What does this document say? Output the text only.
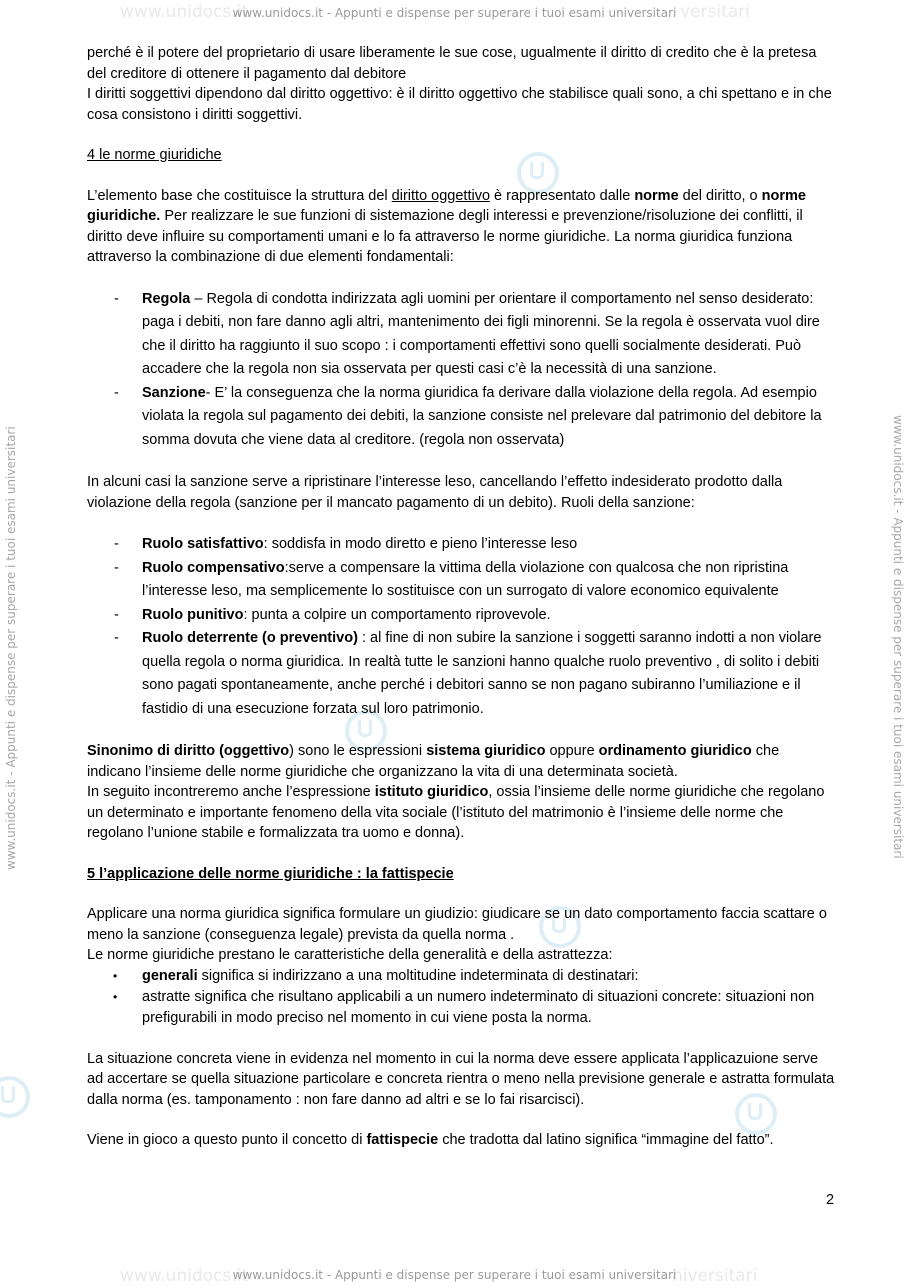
www.unidocs.it	versitari
www.unidocs.it - Appunti e dispense per superare i tuoi esami universitari
www.unidocs.it - Appunti e dispense per superare i tuoi esami universitari	www.unidocs.it - Appunti e dispense per superare i tuoi esami universitari
www.unidocs.it	niversitari
www.unidocs.it - Appunti e dispense per superare i tuoi esami universitari

perché è il potere del proprietario di usare liberamente le sue cose, ugualmente il diritto di credito che è la pretesa del creditore di ottenere il pagamento dal debitore

I diritti soggettivi dipendono dal diritto oggettivo: è il diritto oggettivo che stabilisce quali sono, a chi spettano e in che cosa consistono i diritti soggettivi.

4 le norme giuridiche

L’elemento base che costituisce la struttura del diritto oggettivo è rappresentato dalle norme del diritto, o norme giuridiche. Per realizzare le sue funzioni di sistemazione degli interessi e prevenzione/risoluzione dei conflitti, il diritto deve influire su comportamenti umani e lo fa attraverso le norme giuridiche. La norma giuridica funziona attraverso la combinazione di due elementi fondamentali:

- Regola – Regola di condotta indirizzata agli uomini per orientare il comportamento nel senso desiderato: paga i debiti, non fare danno agli altri, mantenimento dei figli minorenni. Se la regola è osservata vuol dire che il diritto ha raggiunto il suo scopo : i comportamenti effettivi sono quelli socialmente desiderati. Può accadere che la regola non sia osservata per questi casi c’è la necessità di una sanzione.
- Sanzione- E’ la conseguenza che la norma giuridica fa derivare dalla violazione della regola. Ad esempio violata la regola sul pagamento dei debiti, la sanzione consiste nel prelevare dal patrimonio del debitore la somma dovuta che viene data al creditore. (regola non osservata)

In alcuni casi la sanzione serve a ripristinare l’interesse leso, cancellando l’effetto indesiderato prodotto dalla violazione della regola (sanzione per il mancato pagamento di un debito). Ruoli della sanzione:

- Ruolo satisfattivo: soddisfa in modo diretto e pieno l’interesse leso
- Ruolo compensativo:serve a compensare la vittima della violazione con qualcosa che non ripristina l’interesse leso, ma semplicemente lo sostituisce con un surrogato di valore economico equivalente
- Ruolo punitivo: punta a colpire un comportamento riprovevole.
- Ruolo deterrente (o preventivo) : al fine di non subire la sanzione i soggetti saranno indotti a non violare quella regola o norma giuridica. In realtà tutte le sanzioni hanno qualche ruolo preventivo , di solito i debiti sono pagati spontaneamente, anche perché i debitori sanno se non pagano subiranno l’umiliazione e il fastidio di una esecuzione forzata sul loro patrimonio.

Sinonimo di diritto (oggettivo) sono le espressioni sistema giuridico oppure ordinamento giuridico che indicano l’insieme delle norme giuridiche che organizzano la vita di una determinata società.

In seguito incontreremo anche l’espressione istituto giuridico, ossia l’insieme delle norme giuridiche che regolano un determinato e importante fenomeno della vita sociale (l’istituto del matrimonio è l’insieme delle norme che regolano l’unione stabile e formalizzata tra uomo e donna).

5 l’applicazione delle norme giuridiche : la fattispecie

Applicare una norma giuridica significa formulare un giudizio: giudicare se un dato comportamento faccia scattare o meno la sanzione (conseguenza legale) prevista da quella norma .

Le norme giuridiche prestano le caratteristiche della generalità e della astrattezza:

• generali significa si indirizzano a una moltitudine indeterminata di destinatari:
• astratte significa che risultano applicabili a un numero indeterminato di situazioni concrete: situazioni non prefigurabili in modo preciso nel momento in cui viene posta la norma.

La situazione concreta viene in evidenza nel momento in cui la norma deve essere applicata l’applicazuione serve ad accertare se quella situazione particolare e concreta rientra o meno nella previsione generale e astratta formulata dalla norma (es. tamponamento : non fare danno ad altri e se lo fai risarcisci).

Viene in gioco a questo punto il concetto di fattispecie che tradotta dal latino significa “immagine del fatto”.

2
